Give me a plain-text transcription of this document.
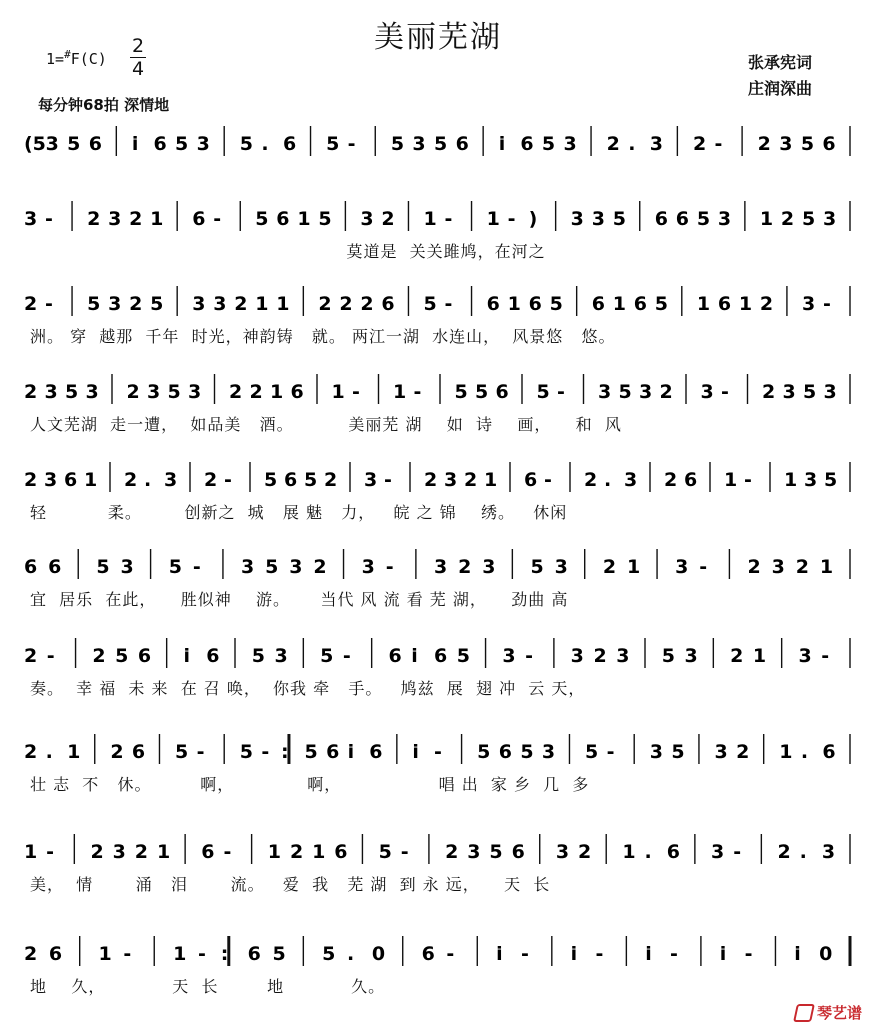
美丽芜湖
1=#F(C)
2
4
每分钟68拍 深情地
张承宪词
庄润深曲
(5 3 5 6 i 6 5 3 5 . 6 5 - 5 3 5 6 i 6 5 3 2 . 3 2 - 2 3 5 6
3 - 2 3 2 1 6 - 5 6 1 5 3 2 1 - 1 - ) 3 3 5 6 6 5 3 1 2 5 3
莫道是  关关雎鸠，在河之
2 - 5 3 2 5 3 3 2 1 1 2 2 2 6 5 - 6 1 6 5 6 1 6 5 1 6 1 2 3 -
洲。 穿  越那  千年  时光，神韵铸   就。 两江一湖  水连山，  风景悠   悠。
2 3 5 3 2 3 5 3 2 2 1 6 1 - 1 - 5 5 6 5 - 3 5 3 2 3 - 2 3 5 3
人文芜湖  走一遭，  如品美   酒。         美丽芜 湖    如  诗    画，    和  风
2 3 6 1 2 . 3 2 - 5 6 5 2 3 - 2 3 2 1 6 - 2 . 3 2 6 1 - 1 3 5
轻          柔。       创新之  城   展 魅   力，   皖 之 锦    绣。   休闲
6 6 5 3 5 - 3 5 3 2 3 - 3 2 3 5 3 2 1 3 - 2 3 2 1
宜  居乐  在此，    胜似神    游。     当代 风 流 看 芜 湖，    劲曲 高
2 - 2 5 6 i 6 5 3 5 - 6 i 6 5 3 - 3 2 3 5 3 2 1 3 -
奏。  幸 福  未 来  在 召 唤，  你我 牵   手。   鸠兹  展  翅 冲  云 天，
2 . 1 2 6 5 - 5 - : 5 6 i 6 i - 5 6 5 3 5 - 3 5 3 2 1 . 6
壮 志  不   休。        啊，            啊，                唱 出  家 乡  几  多
1 - 2 3 2 1 6 - 1 2 1 6 5 - 2 3 5 6 3 2 1 . 6 3 - 2 . 3
美，  情       涌   泪       流。   爱  我   芜 湖  到 永 远，    天  长
2 6 1 - 1 - : 6 5 5 . 0 6 - i - i - i - i - i 0
地    久，           天  长        地           久。
琴艺谱
